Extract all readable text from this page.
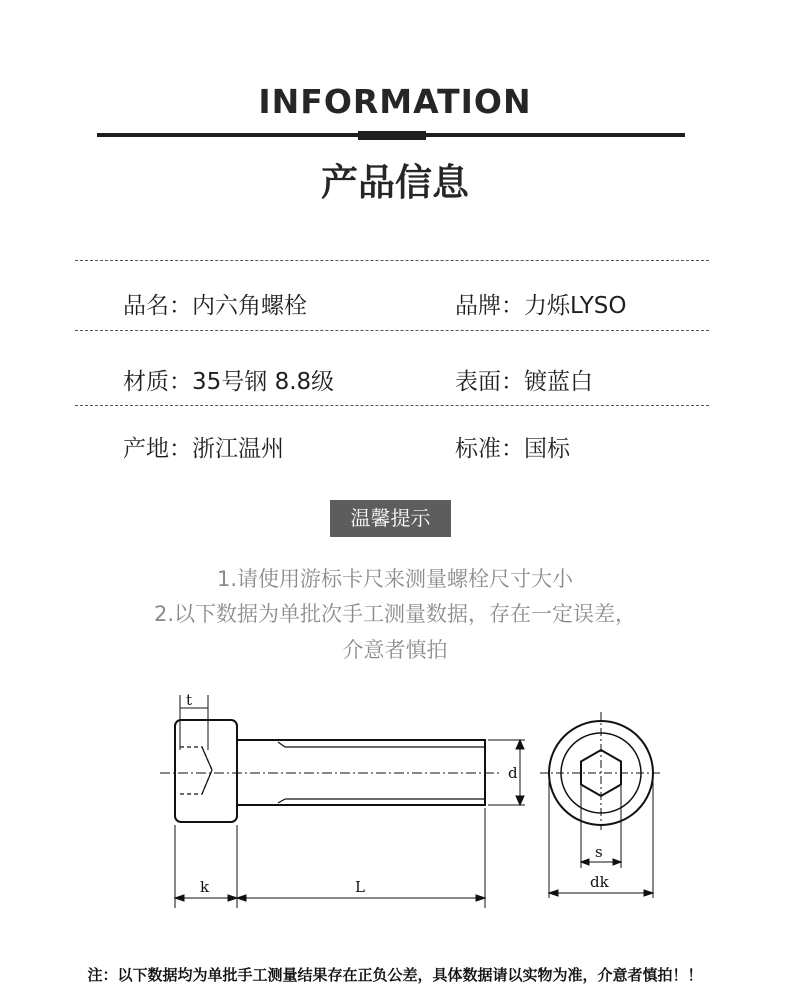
INFORMATION
产品信息
品名：内六角螺栓	品牌：力烁LYSO
材质：35号钢 8.8级	表面：镀蓝白
产地：浙江温州	标准：国标
温馨提示
1.请使用游标卡尺来测量螺栓尺寸大小
2.以下数据为单批次手工测量数据，存在一定误差，
介意者慎拍
t
d
k	L
s
dk
注：以下数据均为单批手工测量结果存在正负公差，具体数据请以实物为准，介意者慎拍！！
